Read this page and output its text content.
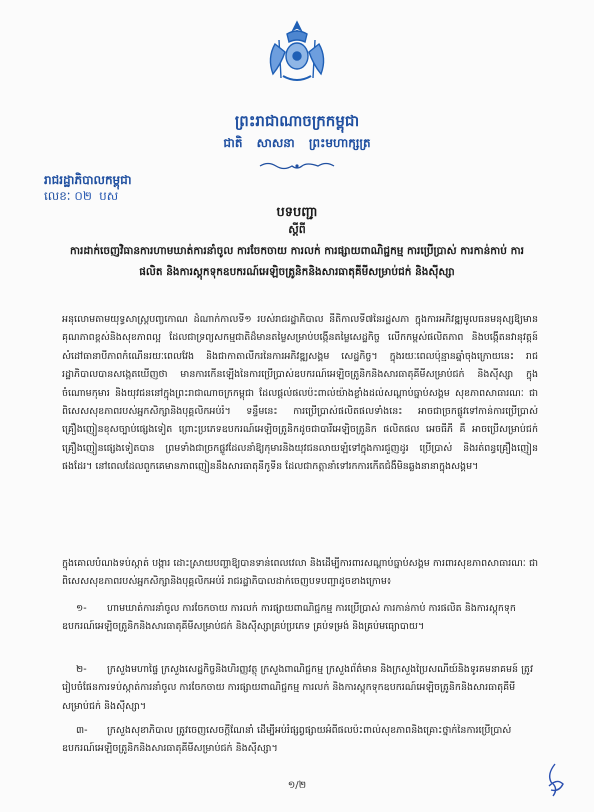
ព្រះរាជាណាចក្រកម្ពុជា
ជាតិ សាសនា ព្រះមហាក្សត្រ
រាជរដ្ឋាភិបាលកម្ពុជា
លេខៈ ០២ បស
បទបញ្ជា
ស្ដីពី
ការដាក់ចេញវិធានការហាមឃាត់ការនាំចូល ការចែកចាយ ការលក់ ការផ្សាយពាណិជ្ជកម្ម ការប្រើប្រាស់ ការកាន់កាប់ ការផលិត និងការស្តុកទុកឧបករណ៍អេឡិចត្រូនិកនិងសារធាតុគីមីសម្រាប់ជក់ និងស៊ីស្សា
អនុលោមតាមយុទ្ធសាស្ត្របញ្ចកោណ ដំណាក់កាលទី១ របស់រាជរដ្ឋាភិបាល នីតិកាលទី៧នៃរដ្ឋសភា ក្នុងការអភិវឌ្ឍមូលធនមនុស្សឱ្យមានគុណភាពខ្ពស់និងសុខភាពល្អ ដែលជាទ្រព្យសកម្មជាតិដ៏មានតម្លៃសម្រាប់បង្កើនតម្លៃសេដ្ឋកិច្ច លើកកម្ពស់ផលិតភាព និងបង្កើតនវានុវត្តន៍ សំដៅធានាបីភាពកំណើនរយៈពេលវែង និងជាកាតាលីករនៃការអភិវឌ្ឍសង្គម សេដ្ឋកិច្ច។ ក្នុងរយៈពេលប៉ុន្មានឆ្នាំចុងក្រោយនេះ រាជរដ្ឋាភិបាលបានសង្កេតឃើញថា មានការកើនឡើងនៃការប្រើប្រាស់ឧបករណ៍អេឡិចត្រូនិកនិងសារធាតុគីមីសម្រាប់ជក់ និងស៊ីស្សា ក្នុងចំណោមកុមារ និងយុវជននៅក្នុងព្រះរាជាណាចក្រកម្ពុជា ដែលផ្តល់ផលប៉ះពាល់យ៉ាងខ្លាំងដល់សណ្តាប់ធ្នាប់សង្គម សុខភាពសាធារណៈ ជាពិសេសសុខភាពរបស់អ្នកសិក្សានិងបុគ្គលិកអប់រំ។ ទន្ទឹមនេះ ការប្រើប្រាស់ផលិតផលទាំងនេះ អាចជាច្រកផ្លូវទៅកាន់ការប្រើប្រាស់គ្រឿងញៀនខុសច្បាប់ផ្សេងទៀត ព្រោះប្រភេទឧបករណ៍អេឡិចត្រូនិកដូចជាបារីអេឡិចត្រូនិក ផលិតផល អេចធីភី គឺ អាចប្រើសម្រាប់ជក់គ្រឿងញៀនផ្សេងទៀតបាន ព្រមទាំងជាច្រកផ្លូវដែលនាំឱ្យកុមារនិងយុវជនលាយឡំទៅក្នុងការជួញដូរ ប្រើប្រាស់ និងរត់ពន្ធគ្រឿងញៀនផងដែរ។ នៅពេលដែលពួកគេមានភាពញៀននឹងសារធាតុនីកូទីន ដែលជាកត្តានាំទៅរកការកើតជំងឺមិនឆ្លងនានាក្នុងសង្គម។
ក្នុងគោលបំណងទប់ស្កាត់ បង្ការ ដោះស្រាយបញ្ហាឱ្យបានទាន់ពេលវេលា និងដើម្បីការពារសណ្តាប់ធ្នាប់សង្គម ការពារសុខភាពសាធារណៈ ជាពិសេសសុខភាពរបស់អ្នកសិក្សានិងបុគ្គលិកអប់រំ រាជរដ្ឋាភិបាលដាក់ចេញបទបញ្ជាដូចខាងក្រោម៖
១- ហាមឃាត់ការនាំចូល ការចែកចាយ ការលក់ ការផ្សាយពាណិជ្ជកម្ម ការប្រើប្រាស់ ការកាន់កាប់ ការផលិត និងការស្តុកទុកឧបករណ៍អេឡិចត្រូនិកនិងសារធាតុគីមីសម្រាប់ជក់ និងស៊ីស្សាគ្រប់ប្រភេទ គ្រប់ទម្រង់ និងគ្រប់មធ្យោបាយ។
២- ក្រសួងមហាផ្ទៃ ក្រសួងសេដ្ឋកិច្ចនិងហិរញ្ញវត្ថុ ក្រសួងពាណិជ្ជកម្ម ក្រសួងព័ត៌មាន និងក្រសួងប្រៃសណីយ៍និងទូរគមនាគមន៍ ត្រូវរៀបចំផែនការទប់ស្កាត់ការនាំចូល ការចែកចាយ ការផ្សាយពាណិជ្ជកម្ម ការលក់ និងការស្តុកទុកឧបករណ៍អេឡិចត្រូនិកនិងសារធាតុគីមីសម្រាប់ជក់ និងស៊ីស្សា។
៣- ក្រសួងសុខាភិបាល ត្រូវចេញសេចក្តីណែនាំ ដើម្បីអប់រំផ្សព្វផ្សាយអំពីផលប៉ះពាល់សុខភាពនិងគ្រោះថ្នាក់នៃការប្រើប្រាស់ឧបករណ៍អេឡិចត្រូនិកនិងសារធាតុគីមីសម្រាប់ជក់ និងស៊ីស្សា។
១/២
